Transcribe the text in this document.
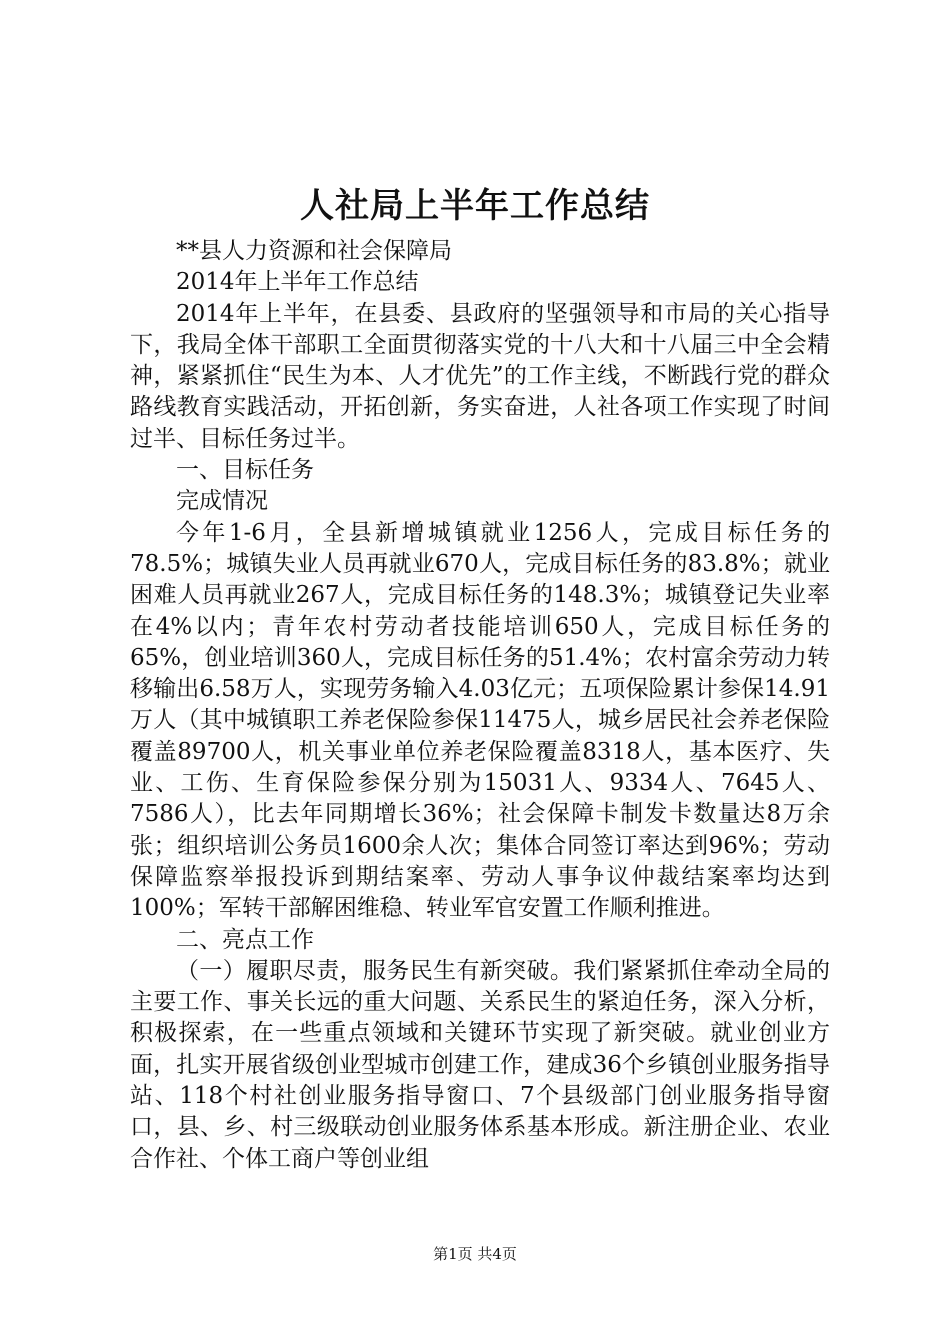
人社局上半年工作总结

**县人力资源和社会保障局

2014年上半年工作总结

2014年上半年，在县委、县政府的坚强领导和市局的关心指导下，我局全体干部职工全面贯彻落实党的十八大和十八届三中全会精神，紧紧抓住“民生为本、人才优先”的工作主线，不断践行党的群众路线教育实践活动，开拓创新，务实奋进，人社各项工作实现了时间过半、目标任务过半。

一、目标任务

完成情况

今年1-6月，全县新增城镇就业1256人，完成目标任务的78.5%；城镇失业人员再就业670人，完成目标任务的83.8%；就业困难人员再就业267人，完成目标任务的148.3%；城镇登记失业率在4%以内；青年农村劳动者技能培训650人，完成目标任务的65%，创业培训360人，完成目标任务的51.4%；农村富余劳动力转移输出6.58万人，实现劳务输入4.03亿元；五项保险累计参保14.91万人（其中城镇职工养老保险参保11475人，城乡居民社会养老保险覆盖89700人，机关事业单位养老保险覆盖8318人，基本医疗、失业、工伤、生育保险参保分别为15031人、9334人、7645人、7586人），比去年同期增长36%；社会保障卡制发卡数量达8万余张；组织培训公务员1600余人次；集体合同签订率达到96%；劳动保障监察举报投诉到期结案率、劳动人事争议仲裁结案率均达到100%；军转干部解困维稳、转业军官安置工作顺利推进。

二、亮点工作

（一）履职尽责，服务民生有新突破。我们紧紧抓住牵动全局的主要工作、事关长远的重大问题、关系民生的紧迫任务，深入分析，积极探索，在一些重点领域和关键环节实现了新突破。就业创业方面，扎实开展省级创业型城市创建工作，建成36个乡镇创业服务指导站、118个村社创业服务指导窗口、7个县级部门创业服务指导窗口，县、乡、村三级联动创业服务体系基本形成。新注册企业、农业合作社、个体工商户等创业组

第1页 共4页
